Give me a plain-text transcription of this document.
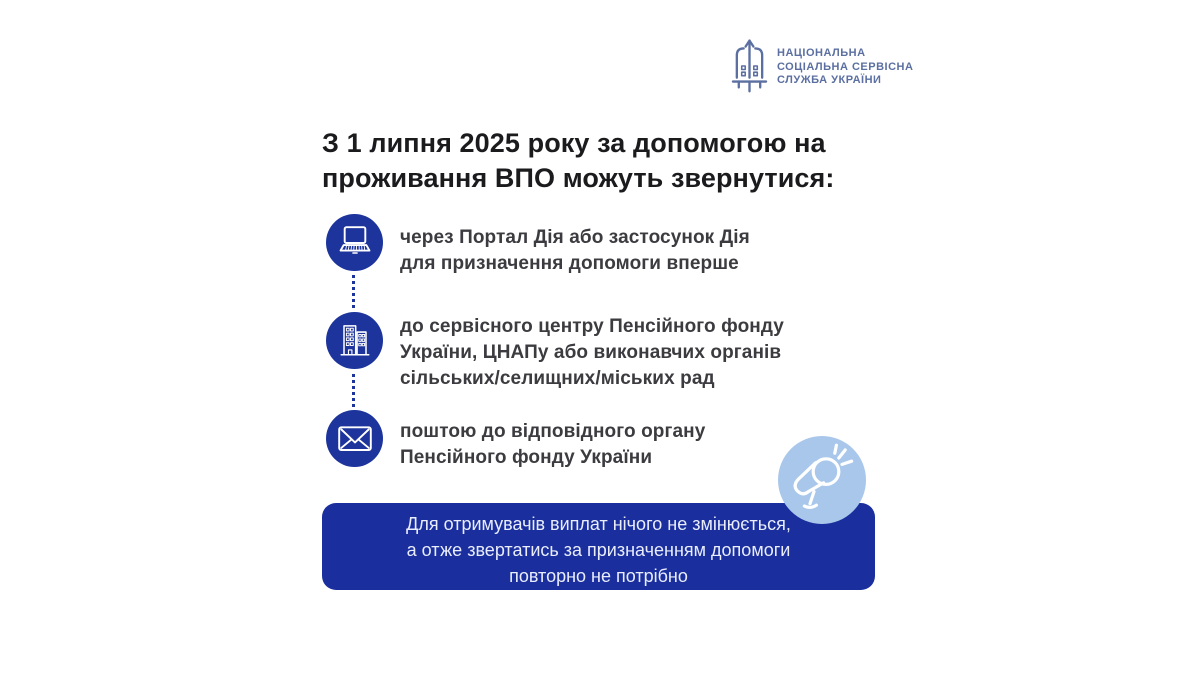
НАЦІОНАЛЬНА
СОЦІАЛЬНА СЕРВІСНА
СЛУЖБА УКРАЇНИ
З 1 липня 2025 року за допомогою на
проживання ВПО можуть звернутися:
через Портал Дія або застосунок Дія
для призначення допомоги вперше
до сервісного центру Пенсійного фонду
України, ЦНАПу або виконавчих органів
сільських/селищних/міських рад
поштою до відповідного органу
Пенсійного фонду України
Для отримувачів виплат нічого не змінюється,
а отже звертатись за призначенням допомоги
повторно не потрібно
